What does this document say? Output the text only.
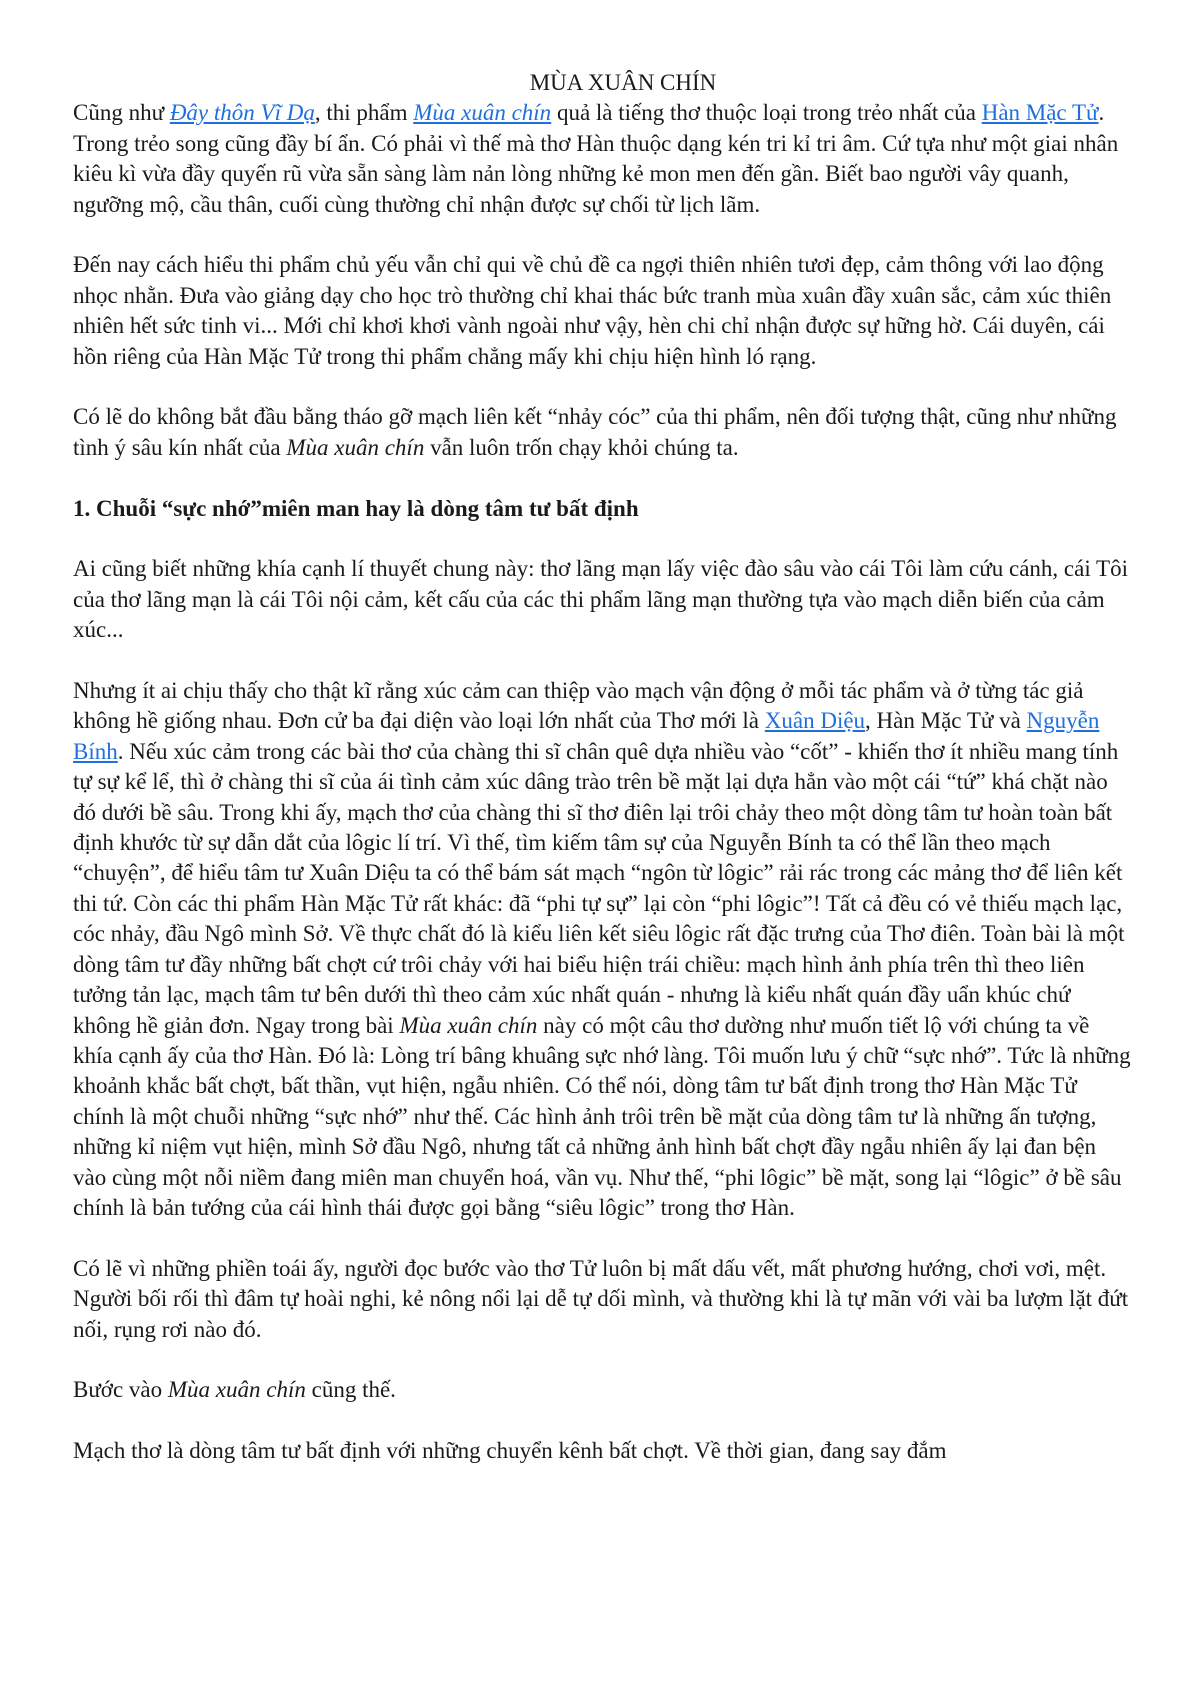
MÙA XUÂN CHÍN

Cũng như Đây thôn Vĩ Dạ, thi phẩm Mùa xuân chín quả là tiếng thơ thuộc loại trong trẻo nhất của Hàn Mặc Tử. Trong trẻo song cũng đầy bí ẩn. Có phải vì thế mà thơ Hàn thuộc dạng kén tri kỉ tri âm. Cứ tựa như một giai nhân kiêu kì vừa đầy quyến rũ vừa sẵn sàng làm nản lòng những kẻ mon men đến gần. Biết bao người vây quanh, ngưỡng mộ, cầu thân, cuối cùng thường chỉ nhận được sự chối từ lịch lãm.

Đến nay cách hiểu thi phẩm chủ yếu vẫn chỉ qui về chủ đề ca ngợi thiên nhiên tươi đẹp, cảm thông với lao động nhọc nhằn. Đưa vào giảng dạy cho học trò thường chỉ khai thác bức tranh mùa xuân đầy xuân sắc, cảm xúc thiên nhiên hết sức tinh vi... Mới chỉ khơi khơi vành ngoài như vậy, hèn chi chỉ nhận được sự hững hờ. Cái duyên, cái hồn riêng của Hàn Mặc Tử trong thi phẩm chẳng mấy khi chịu hiện hình ló rạng.

Có lẽ do không bắt đầu bằng tháo gỡ mạch liên kết “nhảy cóc” của thi phẩm, nên đối tượng thật, cũng như những tình ý sâu kín nhất của Mùa xuân chín vẫn luôn trốn chạy khỏi chúng ta.

1. Chuỗi “sực nhớ”miên man hay là dòng tâm tư bất định

Ai cũng biết những khía cạnh lí thuyết chung này: thơ lãng mạn lấy việc đào sâu vào cái Tôi làm cứu cánh, cái Tôi của thơ lãng mạn là cái Tôi nội cảm, kết cấu của các thi phẩm lãng mạn thường tựa vào mạch diễn biến của cảm xúc...

Nhưng ít ai chịu thấy cho thật kĩ rằng xúc cảm can thiệp vào mạch vận động ở mỗi tác phẩm và ở từng tác giả không hề giống nhau. Đơn cử ba đại diện vào loại lớn nhất của Thơ mới là Xuân Diệu, Hàn Mặc Tử và Nguyễn Bính. Nếu xúc cảm trong các bài thơ của chàng thi sĩ chân quê dựa nhiều vào “cốt” - khiến thơ ít nhiều mang tính tự sự kể lể, thì ở chàng thi sĩ của ái tình cảm xúc dâng trào trên bề mặt lại dựa hẳn vào một cái “tứ” khá chặt nào đó dưới bề sâu. Trong khi ấy, mạch thơ của chàng thi sĩ thơ điên lại trôi chảy theo một dòng tâm tư hoàn toàn bất định khước từ sự dẫn dắt của lôgic lí trí. Vì thế, tìm kiếm tâm sự của Nguyễn Bính ta có thể lần theo mạch “chuyện”, để hiểu tâm tư Xuân Diệu ta có thể bám sát mạch “ngôn từ lôgic” rải rác trong các mảng thơ để liên kết thi tứ. Còn các thi phẩm Hàn Mặc Tử rất khác: đã “phi tự sự” lại còn “phi lôgic”! Tất cả đều có vẻ thiếu mạch lạc, cóc nhảy, đầu Ngô mình Sở. Về thực chất đó là kiểu liên kết siêu lôgic rất đặc trưng của Thơ điên. Toàn bài là một dòng tâm tư đầy những bất chợt cứ trôi chảy với hai biểu hiện trái chiều: mạch hình ảnh phía trên thì theo liên tưởng tản lạc, mạch tâm tư bên dưới thì theo cảm xúc nhất quán - nhưng là kiểu nhất quán đầy uẩn khúc chứ không hề giản đơn. Ngay trong bài Mùa xuân chín này có một câu thơ dường như muốn tiết lộ với chúng ta về khía cạnh ấy của thơ Hàn. Đó là: Lòng trí bâng khuâng sực nhớ làng. Tôi muốn lưu ý chữ “sực nhớ”. Tức là những khoảnh khắc bất chợt, bất thần, vụt hiện, ngẫu nhiên. Có thể nói, dòng tâm tư bất định trong thơ Hàn Mặc Tử chính là một chuỗi những “sực nhớ” như thế. Các hình ảnh trôi trên bề mặt của dòng tâm tư là những ấn tượng, những kỉ niệm vụt hiện, mình Sở đầu Ngô, nhưng tất cả những ảnh hình bất chợt đầy ngẫu nhiên ấy lại đan bện vào cùng một nỗi niềm đang miên man chuyển hoá, vần vụ. Như thế, “phi lôgic” bề mặt, song lại “lôgic” ở bề sâu chính là bản tướng của cái hình thái được gọi bằng “siêu lôgic” trong thơ Hàn.

Có lẽ vì những phiền toái ấy, người đọc bước vào thơ Tử luôn bị mất dấu vết, mất phương hướng, chơi vơi, mệt. Người bối rối thì đâm tự hoài nghi, kẻ nông nổi lại dễ tự dối mình, và thường khi là tự mãn với vài ba lượm lặt đứt nối, rụng rơi nào đó.

Bước vào Mùa xuân chín cũng thế.

Mạch thơ là dòng tâm tư bất định với những chuyển kênh bất chợt. Về thời gian, đang say đắm
